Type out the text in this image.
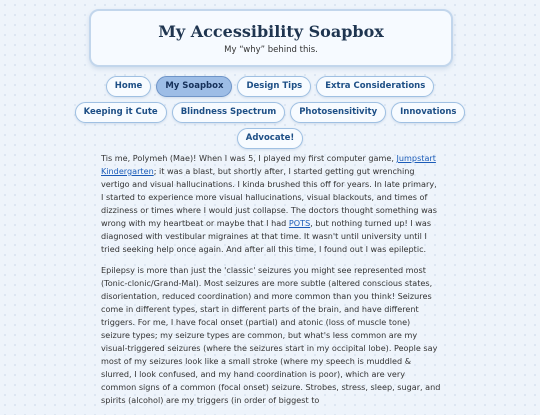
My Accessibility Soapbox
My “why” behind this.
Home	My Soapbox	Design Tips	Extra Considerations
Keeping it Cute	Blindness Spectrum	Photosensitivity	Innovations
Advocate!

Tis me, Polymeh (Mae)! When I was 5, I played my first computer game, Jumpstart Kindergarten; it was a blast, but shortly after, I started getting gut wrenching vertigo and visual hallucinations. I kinda brushed this off for years. In late primary, I started to experience more visual hallucinations, visual blackouts, and times of dizziness or times where I would just collapse. The doctors thought something was wrong with my heartbeat or maybe that I had POTS, but nothing turned up! I was diagnosed with vestibular migraines at that time. It wasn't until university until I tried seeking help once again. And after all this time, I found out I was epileptic.

Epilepsy is more than just the 'classic' seizures you might see represented most (Tonic-clonic/Grand-Mal). Most seizures are more subtle (altered conscious states, disorientation, reduced coordination) and more common than you think! Seizures come in different types, start in different parts of the brain, and have different triggers. For me, I have focal onset (partial) and atonic (loss of muscle tone) seizure types; my seizure types are common, but what's less common are my visual-triggered seizures (where the seizures start in my occipital lobe). People say most of my seizures look like a small stroke (where my speech is muddled & slurred, I look confused, and my hand coordination is poor), which are very common signs of a common (focal onset) seizure. Strobes, stress, sleep, sugar, and spirits (alcohol) are my triggers (in order of biggest to
